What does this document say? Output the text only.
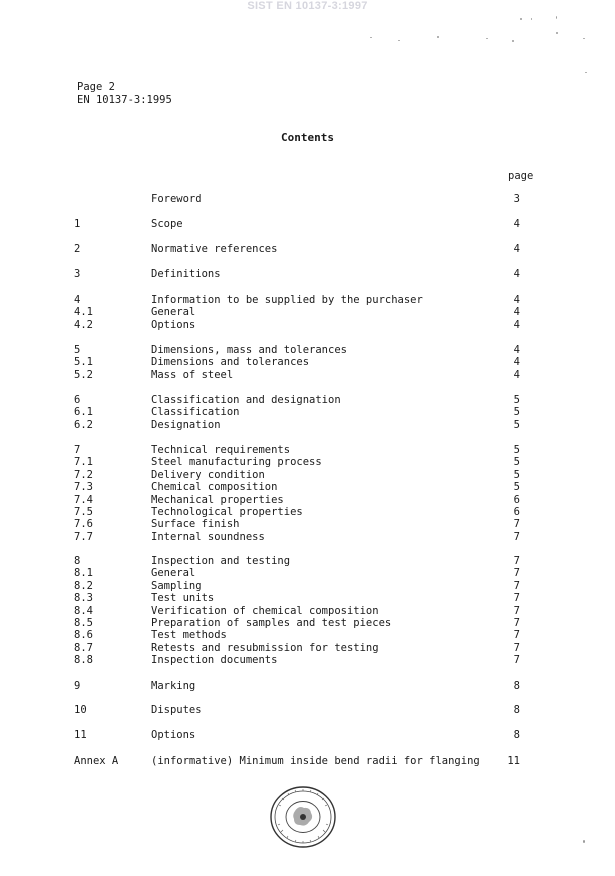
SIST EN 10137-3:1997
Page 2
EN 10137-3:1995
Contents
page
Foreword	3
1	Scope	4
2	Normative references	4
3	Definitions	4
4	Information to be supplied by the purchaser	4
4.1	General	4
4.2	Options	4
5	Dimensions, mass and tolerances	4
5.1	Dimensions and tolerances	4
5.2	Mass of steel	4
6	Classification and designation	5
6.1	Classification	5
6.2	Designation	5
7	Technical requirements	5
7.1	Steel manufacturing process	5
7.2	Delivery condition	5
7.3	Chemical composition	5
7.4	Mechanical properties	6
7.5	Technological properties	6
7.6	Surface finish	7
7.7	Internal soundness	7
8	Inspection and testing	7
8.1	General	7
8.2	Sampling	7
8.3	Test units	7
8.4	Verification of chemical composition	7
8.5	Preparation of samples and test pieces	7
8.6	Test methods	7
8.7	Retests and resubmission for testing	7
8.8	Inspection documents	7
9	Marking	8
10	Disputes	8
11	Options	8
Annex A	(informative) Minimum inside bend radii for flanging	11
